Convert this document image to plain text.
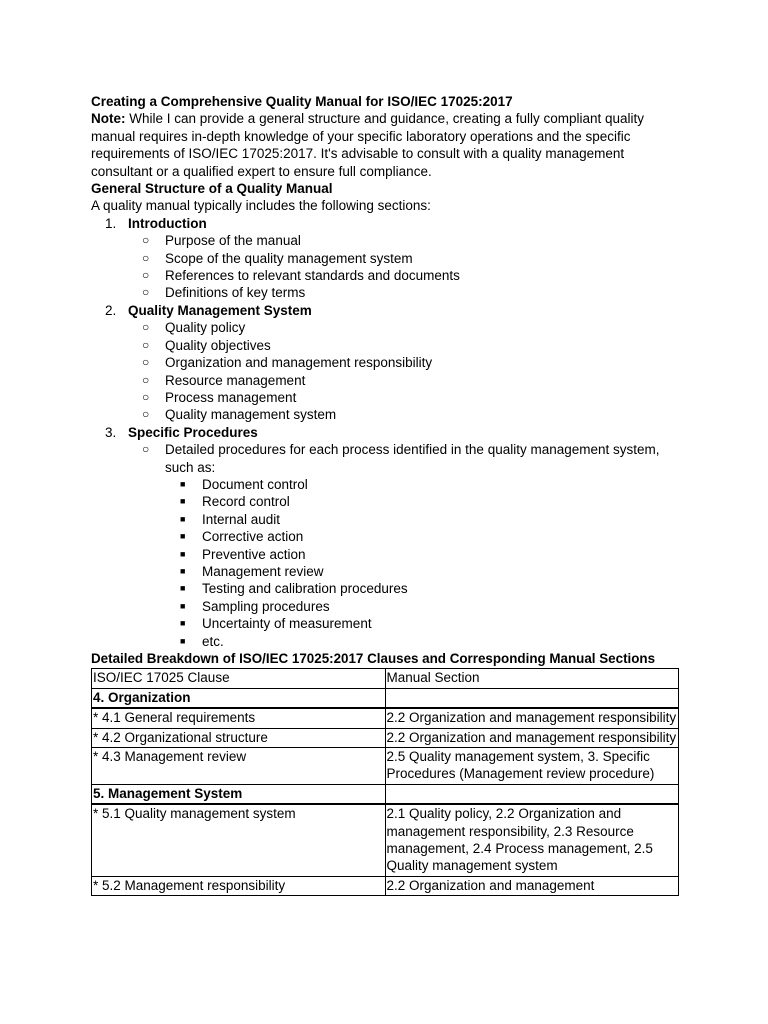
Creating a Comprehensive Quality Manual for ISO/IEC 17025:2017

Note: While I can provide a general structure and guidance, creating a fully compliant quality manual requires in-depth knowledge of your specific laboratory operations and the specific requirements of ISO/IEC 17025:2017. It's advisable to consult with a quality management consultant or a qualified expert to ensure full compliance.

General Structure of a Quality Manual

A quality manual typically includes the following sections:

1. Introduction
○ Purpose of the manual
○ Scope of the quality management system
○ References to relevant standards and documents
○ Definitions of key terms
2. Quality Management System
○ Quality policy
○ Quality objectives
○ Organization and management responsibility
○ Resource management
○ Process management
○ Quality management system
3. Specific Procedures
○ Detailed procedures for each process identified in the quality management system, such as:
■ Document control
■ Record control
■ Internal audit
■ Corrective action
■ Preventive action
■ Management review
■ Testing and calibration procedures
■ Sampling procedures
■ Uncertainty of measurement
■ etc.

Detailed Breakdown of ISO/IEC 17025:2017 Clauses and Corresponding Manual Sections

ISO/IEC 17025 Clause	Manual Section
4. Organization	
* 4.1 General requirements	2.2 Organization and management responsibility
* 4.2 Organizational structure	2.2 Organization and management responsibility
* 4.3 Management review	2.5 Quality management system, 3. Specific Procedures (Management review procedure)
5. Management System	
* 5.1 Quality management system	2.1 Quality policy, 2.2 Organization and management responsibility, 2.3 Resource management, 2.4 Process management, 2.5 Quality management system
* 5.2 Management responsibility	2.2 Organization and management
